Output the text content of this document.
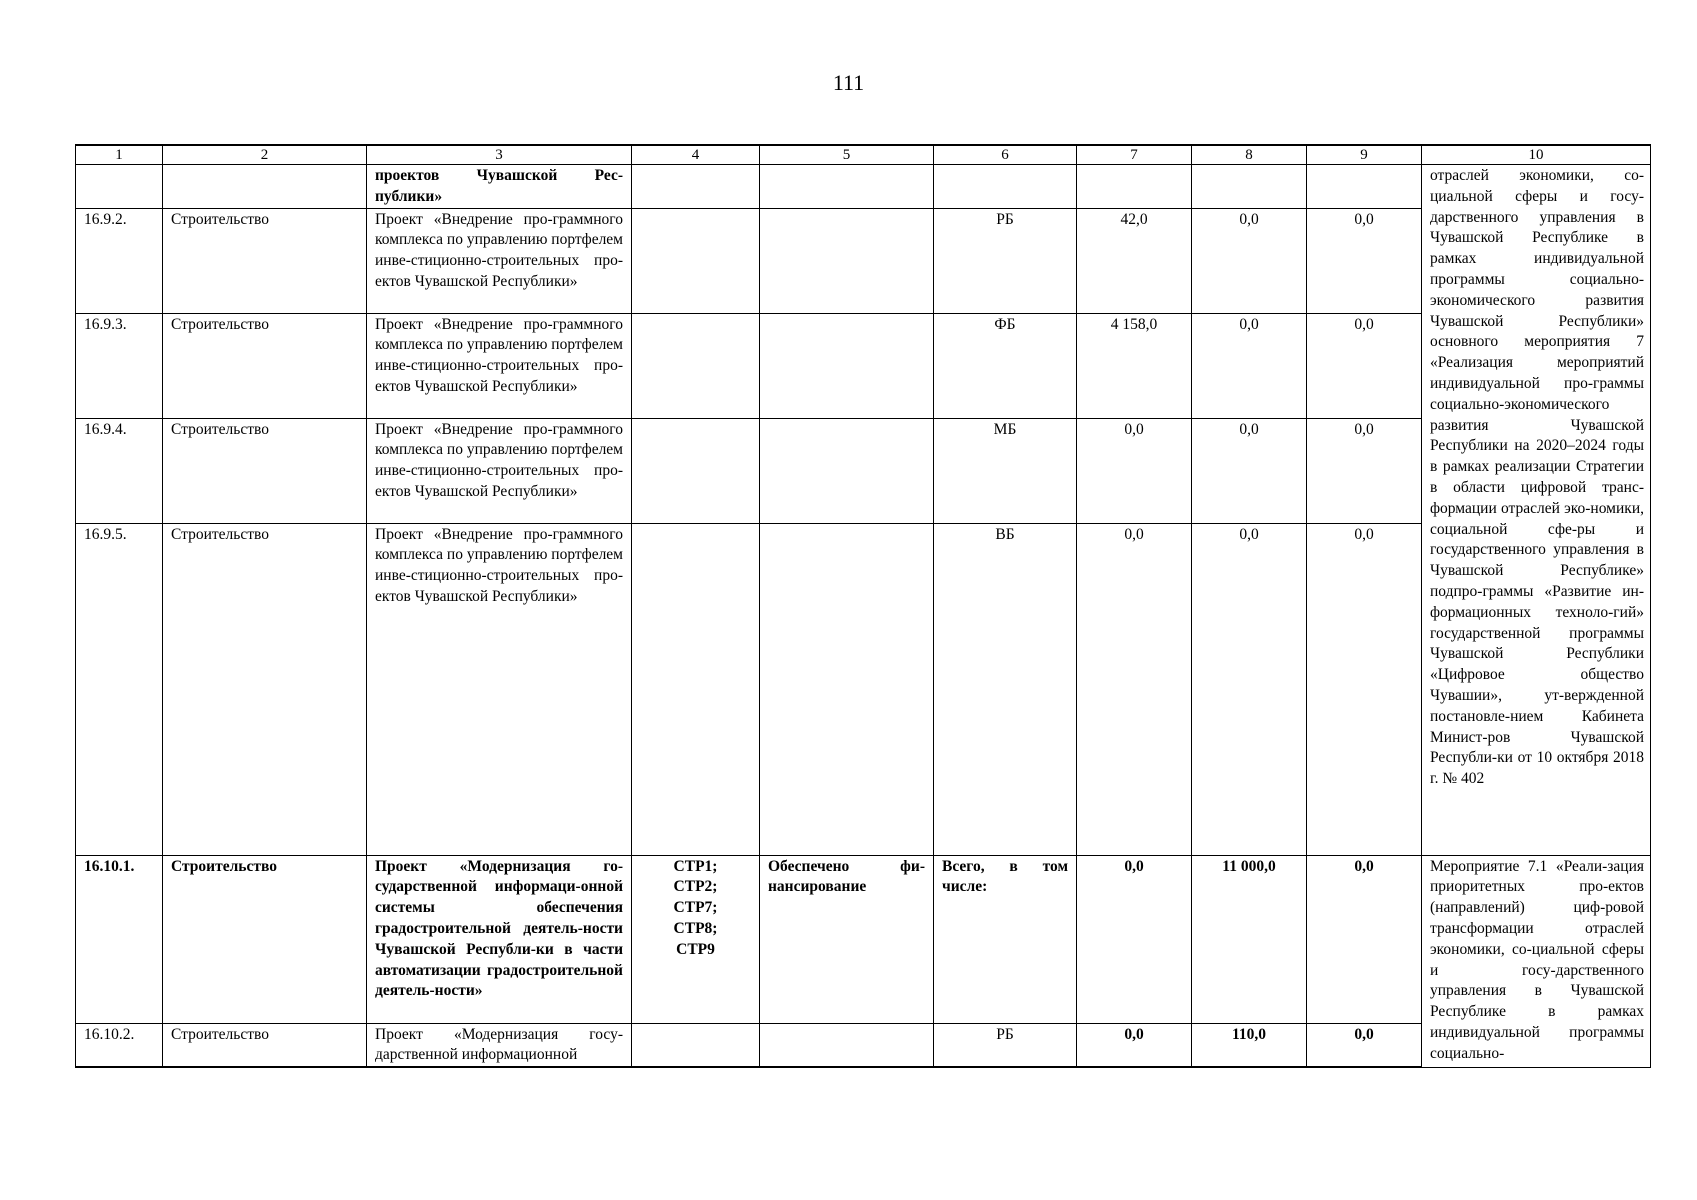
111
1	2	3	4	5	6	7	8	9	10
		проектов Чувашской Рес-публики»							отраслей экономики, со-циальной сферы и госу-дарственного управления в Чувашской Республике в рамках индивидуальной программы социально-экономического развития Чувашской Республики» основного мероприятия 7 «Реализация мероприятий индивидуальной про-граммы социально-экономического развития Чувашской Республики на 2020–2024 годы в рамках реализации Стратегии в области цифровой транс-формации отраслей эко-номики, социальной сфе-ры и государственного управления в Чувашской Республике» подпро-граммы «Развитие ин-формационных техноло-гий» государственной программы Чувашской Республики «Цифровое общество Чувашии», ут-вержденной постановле-нием Кабинета Минист-ров Чувашской Республи-ки от 10 октября 2018 г. № 402
16.9.2.	Строительство	Проект «Внедрение про-граммного комплекса по управлению портфелем инве-стиционно-строительных про-ектов Чувашской Республики»			РБ	42,0	0,0	0,0	
16.9.3.	Строительство	Проект «Внедрение про-граммного комплекса по управлению портфелем инве-стиционно-строительных про-ектов Чувашской Республики»			ФБ	4 158,0	0,0	0,0	
16.9.4.	Строительство	Проект «Внедрение про-граммного комплекса по управлению портфелем инве-стиционно-строительных про-ектов Чувашской Республики»			МБ	0,0	0,0	0,0	
16.9.5.	Строительство	Проект «Внедрение про-граммного комплекса по управлению портфелем инве-стиционно-строительных про-ектов Чувашской Республики»			ВБ	0,0	0,0	0,0	
16.10.1.	Строительство	Проект «Модернизация го-сударственной информаци-онной системы обеспечения градостроительной деятель-ности Чувашской Республи-ки в части автоматизации градостроительной деятель-ности»	СТР1; СТР2; СТР7; СТР8; СТР9	Обеспечено фи-нансирование	Всего, в том числе:	0,0	11 000,0	0,0	Мероприятие 7.1 «Реали-зация приоритетных про-ектов (направлений) циф-ровой трансформации отраслей экономики, со-циальной сферы и госу-дарственного управления в Чувашской Республике в рамках индивидуальной программы социально-
16.10.2.	Строительство	Проект «Модернизация госу-дарственной информационной			РБ	0,0	110,0	0,0	
